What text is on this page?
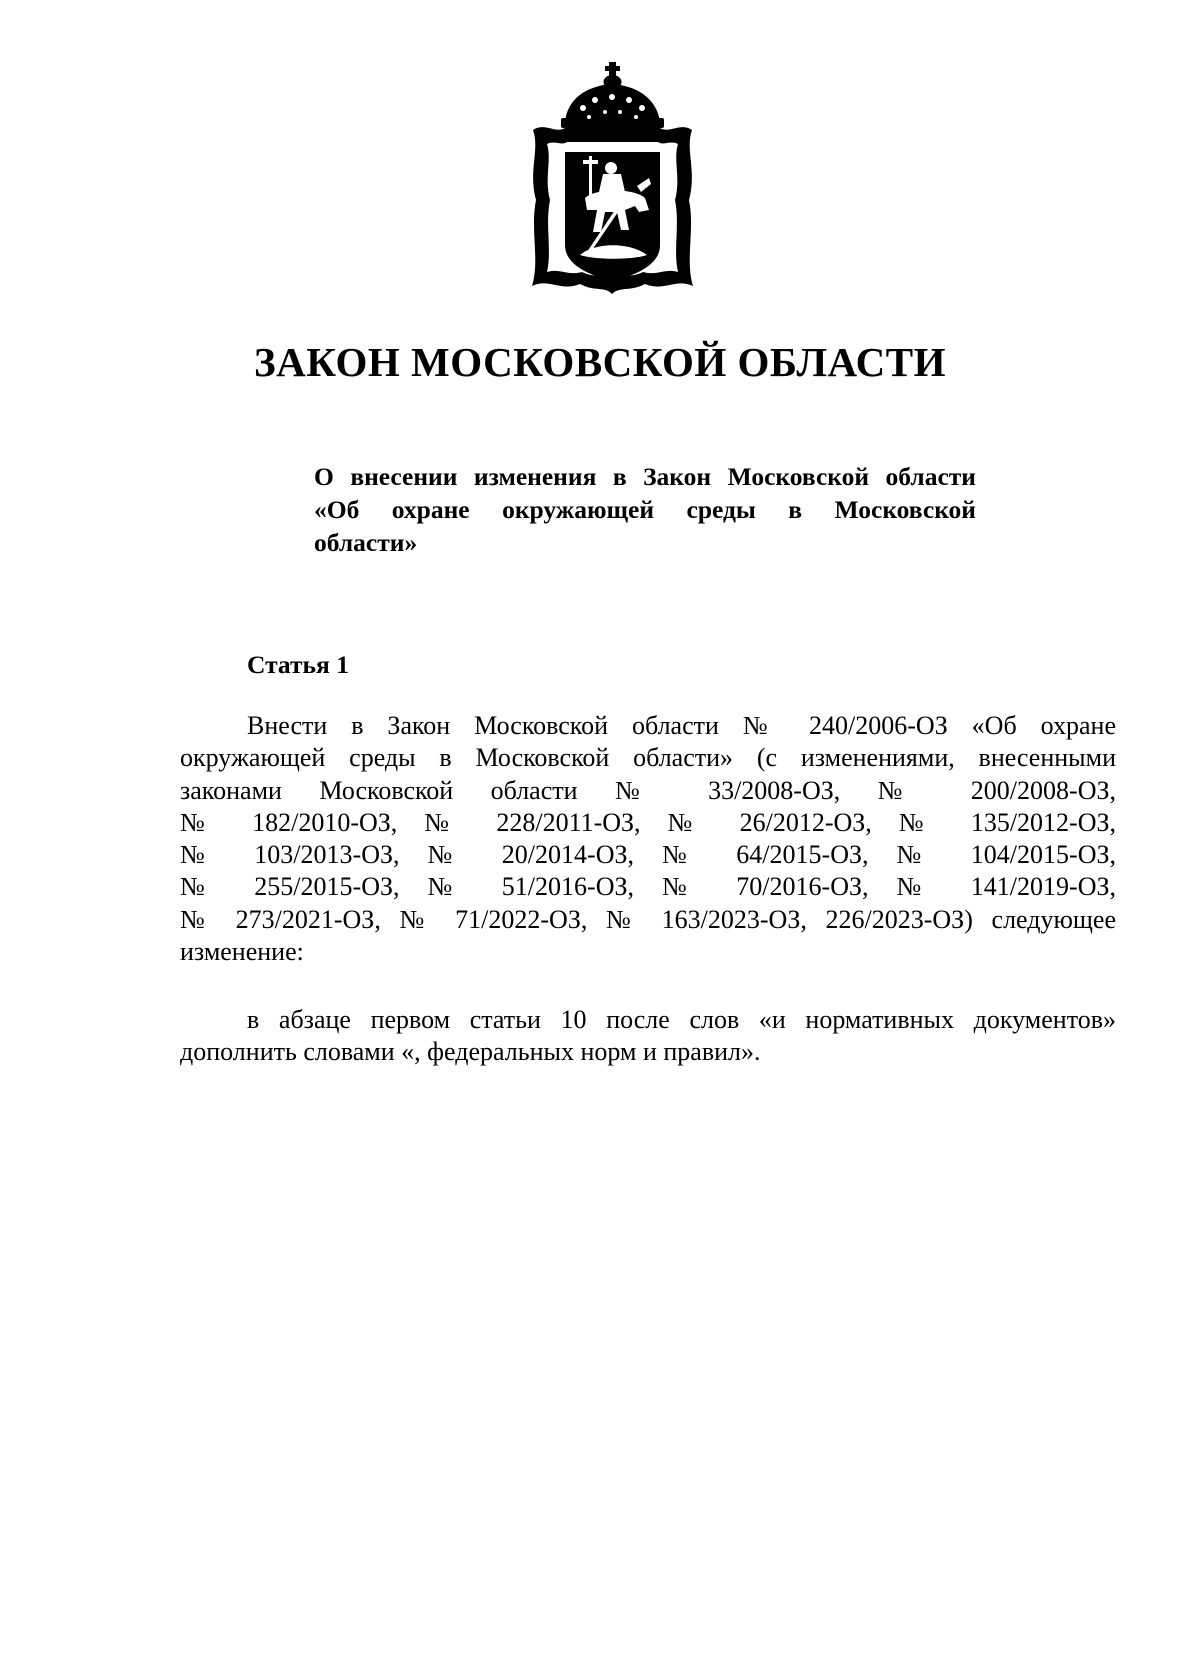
ЗАКОН МОСКОВСКОЙ ОБЛАСТИ
О внесении изменения в Закон Московской области
«Об охране окружающей среды в Московской
области»
Статья 1
Внести в Закон Московской области № 240/2006-ОЗ «Об охране
окружающей среды в Московской области» (с изменениями, внесенными
законами Московской области № 33/2008-ОЗ, № 200/2008-ОЗ,
№ 182/2010-ОЗ, № 228/2011-ОЗ, № 26/2012-ОЗ, № 135/2012-ОЗ,
№ 103/2013-ОЗ, № 20/2014-ОЗ, № 64/2015-ОЗ, № 104/2015-ОЗ,
№ 255/2015-ОЗ, № 51/2016-ОЗ, № 70/2016-ОЗ, № 141/2019-ОЗ,
№ 273/2021-ОЗ, № 71/2022-ОЗ, № 163/2023-ОЗ, 226/2023-ОЗ) следующее
изменение:
в абзаце первом статьи 10 после слов «и нормативных документов»
дополнить словами «, федеральных норм и правил».
